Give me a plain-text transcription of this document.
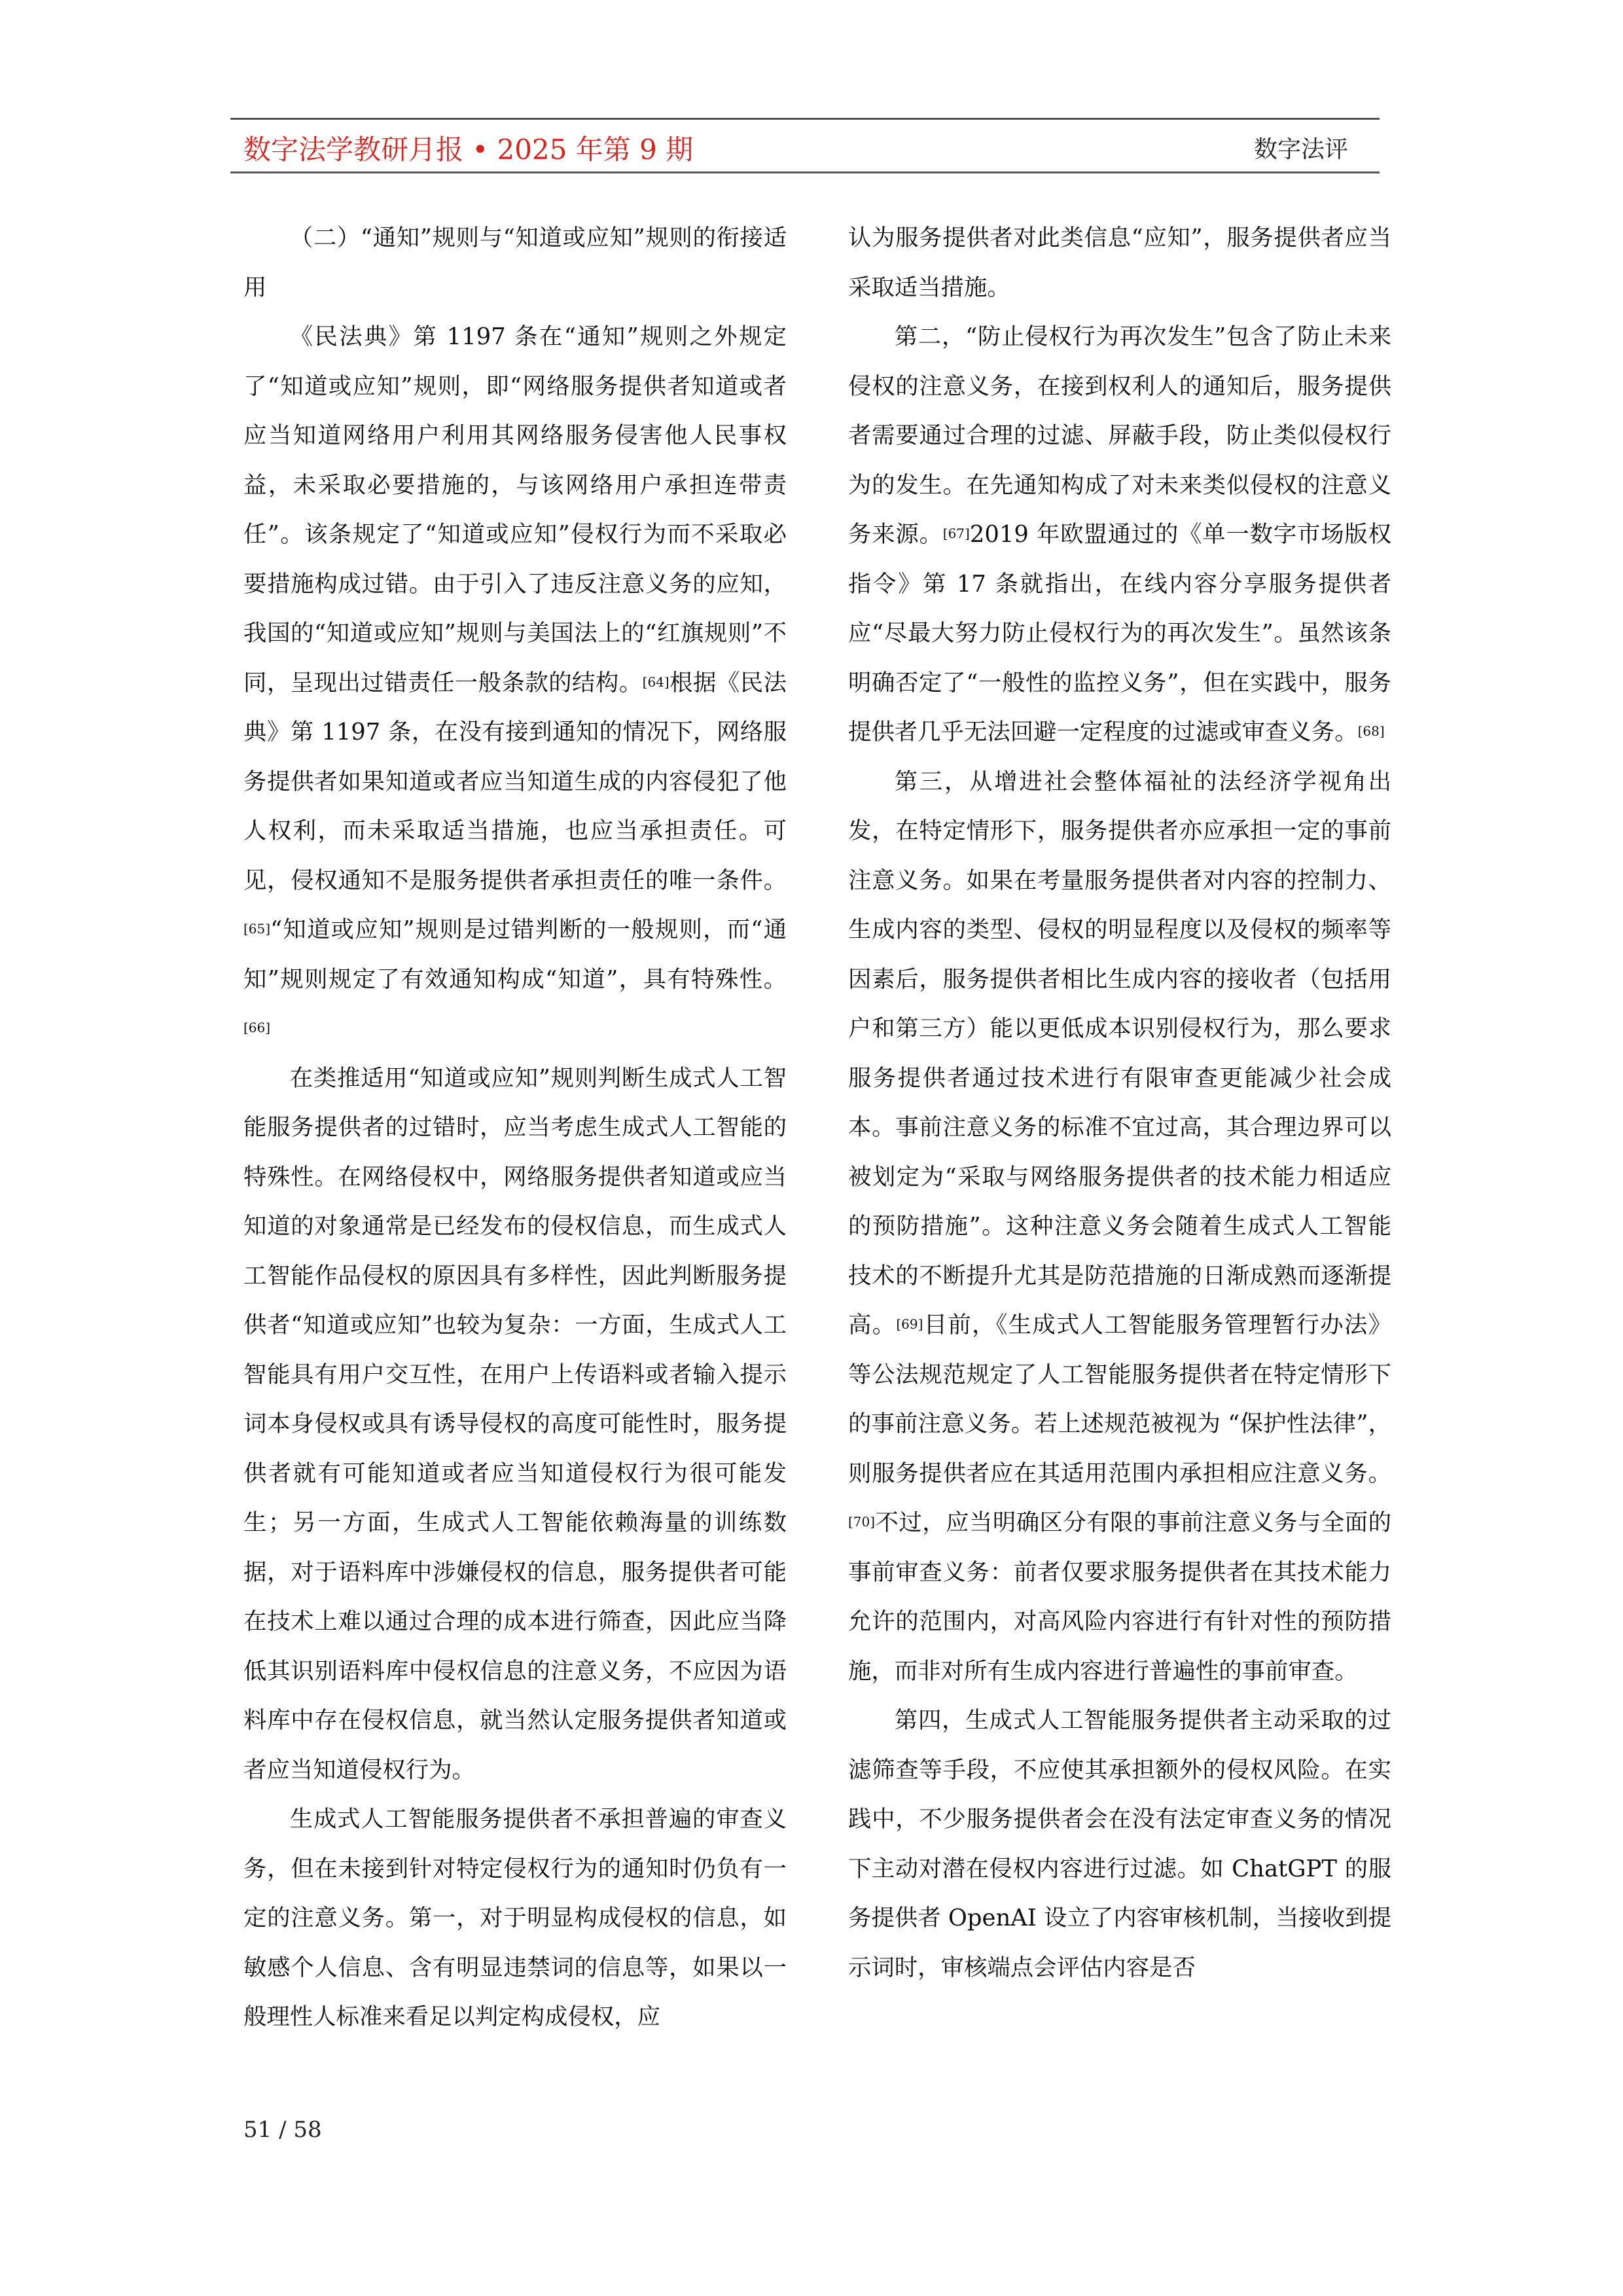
数字法学教研月报 • 2025 年第 9 期	数字法评

（二）“通知”规则与“知道或应知”规则的衔接适用

《民法典》第 1197 条在“通知”规则之外规定了“知道或应知”规则，即“网络服务提供者知道或者应当知道网络用户利用其网络服务侵害他人民事权益，未采取必要措施的，与该网络用户承担连带责任”。该条规定了“知道或应知”侵权行为而不采取必要措施构成过错。由于引入了违反注意义务的应知，我国的“知道或应知”规则与美国法上的“红旗规则”不同，呈现出过错责任一般条款的结构。[64]根据《民法典》第 1197 条，在没有接到通知的情况下，网络服务提供者如果知道或者应当知道生成的内容侵犯了他人权利，而未采取适当措施，也应当承担责任。可见，侵权通知不是服务提供者承担责任的唯一条件。[65]“知道或应知”规则是过错判断的一般规则，而“通知”规则规定了有效通知构成“知道”，具有特殊性。[66]

在类推适用“知道或应知”规则判断生成式人工智能服务提供者的过错时，应当考虑生成式人工智能的特殊性。在网络侵权中，网络服务提供者知道或应当知道的对象通常是已经发布的侵权信息，而生成式人工智能作品侵权的原因具有多样性，因此判断服务提供者“知道或应知”也较为复杂：一方面，生成式人工智能具有用户交互性，在用户上传语料或者输入提示词本身侵权或具有诱导侵权的高度可能性时，服务提供者就有可能知道或者应当知道侵权行为很可能发生；另一方面，生成式人工智能依赖海量的训练数据，对于语料库中涉嫌侵权的信息，服务提供者可能在技术上难以通过合理的成本进行筛查，因此应当降低其识别语料库中侵权信息的注意义务，不应因为语料库中存在侵权信息，就当然认定服务提供者知道或者应当知道侵权行为。

生成式人工智能服务提供者不承担普遍的审查义务，但在未接到针对特定侵权行为的通知时仍负有一定的注意义务。第一，对于明显构成侵权的信息，如敏感个人信息、含有明显违禁词的信息等，如果以一般理性人标准来看足以判定构成侵权，应

认为服务提供者对此类信息“应知”，服务提供者应当采取适当措施。

第二，“防止侵权行为再次发生”包含了防止未来侵权的注意义务，在接到权利人的通知后，服务提供者需要通过合理的过滤、屏蔽手段，防止类似侵权行为的发生。在先通知构成了对未来类似侵权的注意义务来源。[67]2019 年欧盟通过的《单一数字市场版权指令》第 17 条就指出，在线内容分享服务提供者应“尽最大努力防止侵权行为的再次发生”。虽然该条明确否定了“一般性的监控义务”，但在实践中，服务提供者几乎无法回避一定程度的过滤或审查义务。[68]

第三，从增进社会整体福祉的法经济学视角出发，在特定情形下，服务提供者亦应承担一定的事前注意义务。如果在考量服务提供者对内容的控制力、生成内容的类型、侵权的明显程度以及侵权的频率等因素后，服务提供者相比生成内容的接收者（包括用户和第三方）能以更低成本识别侵权行为，那么要求服务提供者通过技术进行有限审查更能减少社会成本。事前注意义务的标准不宜过高，其合理边界可以被划定为“采取与网络服务提供者的技术能力相适应的预防措施”。这种注意义务会随着生成式人工智能技术的不断提升尤其是防范措施的日渐成熟而逐渐提高。[69]目前，《生成式人工智能服务管理暂行办法》等公法规范规定了人工智能服务提供者在特定情形下的事前注意义务。若上述规范被视为 “保护性法律”，则服务提供者应在其适用范围内承担相应注意义务。[70]不过，应当明确区分有限的事前注意义务与全面的事前审查义务：前者仅要求服务提供者在其技术能力允许的范围内，对高风险内容进行有针对性的预防措施，而非对所有生成内容进行普遍性的事前审查。

第四，生成式人工智能服务提供者主动采取的过滤筛查等手段，不应使其承担额外的侵权风险。在实践中，不少服务提供者会在没有法定审查义务的情况下主动对潜在侵权内容进行过滤。如 ChatGPT 的服务提供者 OpenAI 设立了内容审核机制，当接收到提示词时，审核端点会评估内容是否

51 / 58
